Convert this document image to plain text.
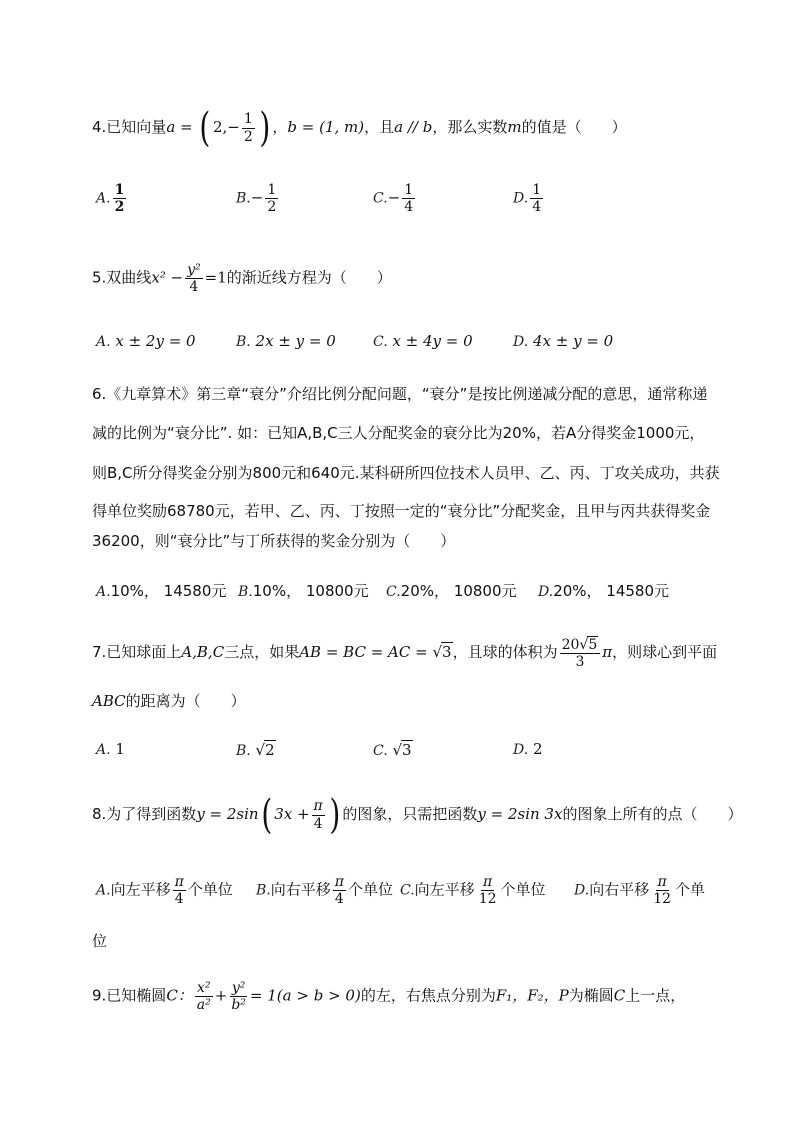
4.已知向量a = ( $2,- \frac{1}{2}$ ) ，b = (1, m)，且a // b，那么实数m的值是（　　）
A. $\frac{1}{2}$	$B.- \frac{1}{2}$	$C.- \frac{1}{4}$	D. $\frac{1}{4}$
5.双曲线$x^2 - \frac{\text{y²}}{4} =1$的渐近线方程为（　　）
A. x ± 2y = 0	B. 2x ± y = 0	C. x ± 4y = 0	D. 4x ± y = 0
6.《九章算术》第三章“衰分”介绍比例分配问题，“衰分”是按比例递减分配的意思，通常称递
减的比例为“衰分比”. 如：已知A,B,C三人分配奖金的衰分比为20%，若A分得奖金1000元，
则B,C所分得奖金分别为800元和640元.某科研所四位技术人员甲、乙、丙、丁攻关成功，共获
得单位奖励68780元，若甲、乙、丙、丁按照一定的“衰分比”分配奖金，且甲与丙共获得奖金
36200，则“衰分比”与丁所获得的奖金分别为（　　）
A.10%， 14580元 B.10%， 10800元 C.20%， 10800元 D.20%， 14580元
7.已知球面上A,B,C三点，如果AB = BC = AC = √3，且球的体积为 $\frac{20√5}{3}$ π，则球心到平面
ABC的距离为（　　）
A. 1	B. √2	C. √3	D. 2
8.为了得到函数y = 2sin( $3x + \frac{\pi}{4}$ ) 的图象，只需把函数y = 2sin 3x的图象上所有的点（　　）
A.向左平移 $\frac{\pi}{4}$ 个单位 B.向右平移 $\frac{\pi}{4}$ 个单位 C.向左平移 $\frac{\pi}{12}$ 个单位 D.向右平移 $\frac{\pi}{12}$ 个单
位
9.已知椭圆C： $\frac{\text{x²}}{\text{a²}} + \frac{\text{y²}}{\text{b²}} = 1(a > b > 0)$的左，右焦点分别为F₁，F₂，P为椭圆C上一点，
